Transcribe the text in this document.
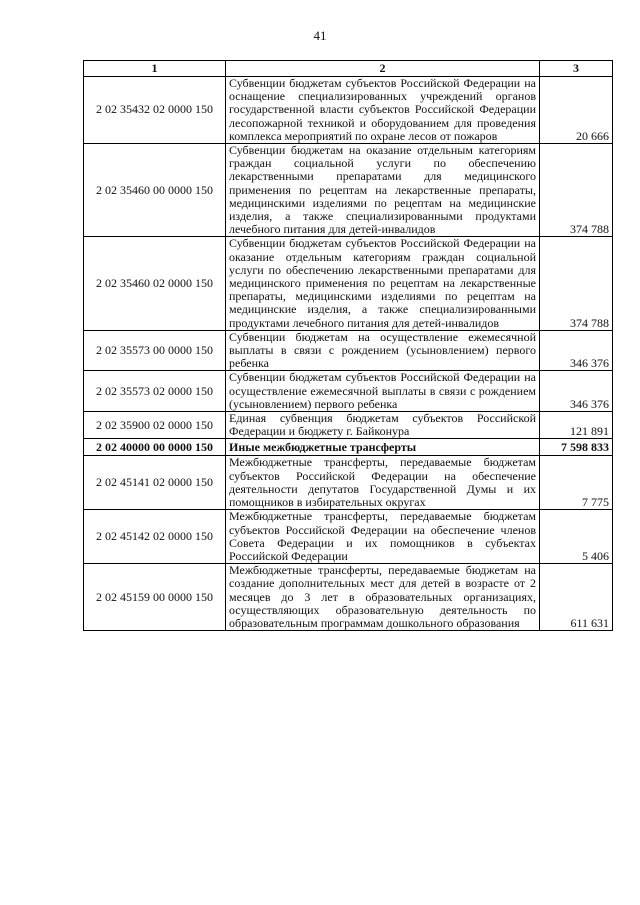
41
1	2	3
2 02 35432 02 0000 150	Субвенции бюджетам субъектов Российской Федерации на оснащение специализированных учреждений органов государственной власти субъектов Российской Федерации лесопожарной техникой и оборудованием для проведения комплекса мероприятий по охране лесов от пожаров	20 666
2 02 35460 00 0000 150	Субвенции бюджетам на оказание отдельным категориям граждан социальной услуги по обеспечению лекарственными препаратами для медицинского применения по рецептам на лекарственные препараты, медицинскими изделиями по рецептам на медицинские изделия, а также специализированными продуктами лечебного питания для детей-инвалидов	374 788
2 02 35460 02 0000 150	Субвенции бюджетам субъектов Российской Федерации на оказание отдельным категориям граждан социальной услуги по обеспечению лекарственными препаратами для медицинского применения по рецептам на лекарственные препараты, медицинскими изделиями по рецептам на медицинские изделия, а также специализированными продуктами лечебного питания для детей-инвалидов	374 788
2 02 35573 00 0000 150	Субвенции бюджетам на осуществление ежемесячной выплаты в связи с рождением (усыновлением) первого ребенка	346 376
2 02 35573 02 0000 150	Субвенции бюджетам субъектов Российской Федерации на осуществление ежемесячной выплаты в связи с рождением (усыновлением) первого ребенка	346 376
2 02 35900 02 0000 150	Единая субвенция бюджетам субъектов Российской Федерации и бюджету г. Байконура	121 891
2 02 40000 00 0000 150	Иные межбюджетные трансферты	7 598 833
2 02 45141 02 0000 150	Межбюджетные трансферты, передаваемые бюджетам субъектов Российской Федерации на обеспечение деятельности депутатов Государственной Думы и их помощников в избирательных округах	7 775
2 02 45142 02 0000 150	Межбюджетные трансферты, передаваемые бюджетам субъектов Российской Федерации на обеспечение членов Совета Федерации и их помощников в субъектах Российской Федерации	5 406
2 02 45159 00 0000 150	Межбюджетные трансферты, передаваемые бюджетам на создание дополнительных мест для детей в возрасте от 2 месяцев до 3 лет в образовательных организациях, осуществляющих образовательную деятельность по образовательным программам дошкольного образования	611 631
